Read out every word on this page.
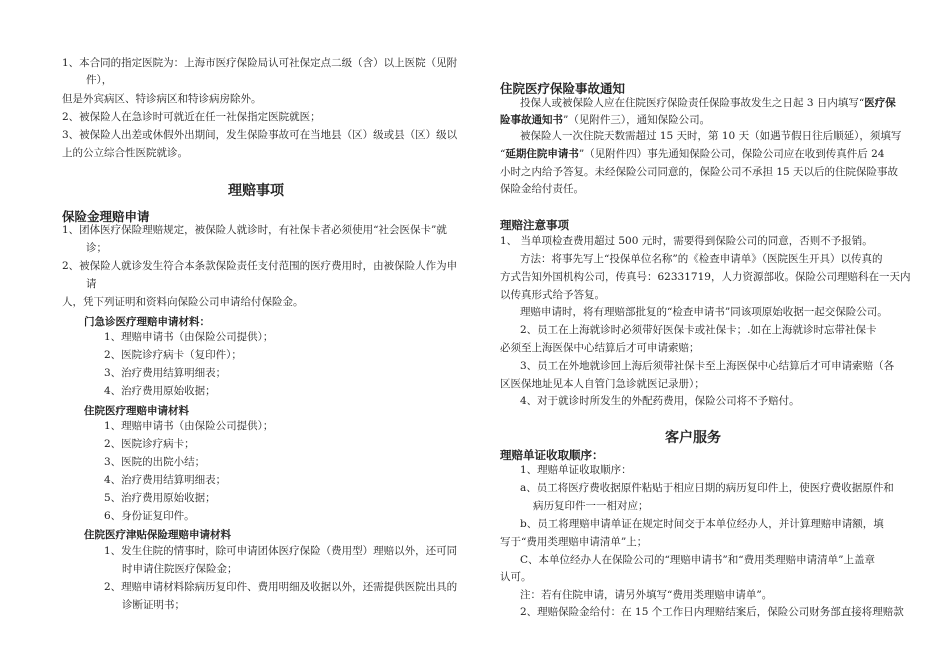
1、本合同的指定医院为：上海市医疗保险局认可社保定点二级（含）以上医院（见附
件），
但是外宾病区、特诊病区和特诊病房除外。
2、被保险人在急诊时可就近在任一社保指定医院就医；
3、被保险人出差或休假外出期间，发生保险事故可在当地县（区）级或县（区）级以
上的公立综合性医院就诊。
理赔事项
保险金理赔申请
1、团体医疗保险理赔规定，被保险人就诊时，有社保卡者必须使用“社会医保卡”就
诊；
2、被保险人就诊发生符合本条款保险责任支付范围的医疗费用时，由被保险人作为申
请
人，凭下列证明和资料向保险公司申请给付保险金。
门急诊医疗理赔申请材料：
1、理赔申请书（由保险公司提供）；
2、医院诊疗病卡（复印件）；
3、治疗费用结算明细表；
4、治疗费用原始收据；
住院医疗理赔申请材料
1、理赔申请书（由保险公司提供）；
2、医院诊疗病卡；
3、医院的出院小结；
4、治疗费用结算明细表；
5、治疗费用原始收据；
6、身份证复印件。
住院医疗津贴保险理赔申请材料
1、发生住院的情事时，除可申请团体医疗保险（费用型）理赔以外，还可同
时申请住院医疗保险金；
2、理赔申请材料除病历复印件、费用明细及收据以外，还需提供医院出具的
诊断证明书；
住院医疗保险事故通知
投保人或被保险人应在住院医疗保险责任保险事故发生之日起 3 日内填写“医疗保
险事故通知书”（见附件三），通知保险公司。
被保险人一次住院天数需超过 15 天时，第 10 天（如遇节假日往后顺延），须填写
“延期住院申请书”（见附件四）事先通知保险公司，保险公司应在收到传真件后 24
小时之内给予答复。未经保险公司同意的，保险公司不承担 15 天以后的住院保险事故
保险金给付责任。
理赔注意事项
1、 当单项检查费用超过 500 元时，需要得到保险公司的同意，否则不予报销。
方法：将事先写上“投保单位名称”的《检查申请单》（医院医生开具）以传真的
方式告知外国机构公司，传真号：62331719，人力资源部收。保险公司理赔科在一天内
以传真形式给予答复。
理赔申请时，将有理赔部批复的“检查申请书”同该项原始收据一起交保险公司。
2、员工在上海就诊时必须带好医保卡或社保卡；.如在上海就诊时忘带社保卡
必须至上海医保中心结算后才可申请索赔；
3、员工在外地就诊回上海后须带社保卡至上海医保中心结算后才可申请索赔（各
区医保地址见本人自管门急诊就医记录册）；
4、对于就诊时所发生的外配药费用，保险公司将不予赔付。
客户服务
理赔单证收取顺序：
1、理赔单证收取顺序：
a、员工将医疗费收据原件粘贴于相应日期的病历复印件上，使医疗费收据原件和
病历复印件一一相对应；
b、员工将理赔申请单证在规定时间交于本单位经办人，并计算理赔申请额，填
写于“费用类理赔申请清单”上；
C、本单位经办人在保险公司的“理赔申请书”和“费用类理赔申请清单”上盖章
认可。
注：若有住院申请，请另外填写“费用类理赔申请单”。
2、理赔保险金给付：在 15 个工作日内理赔结案后，保险公司财务部直接将理赔款
